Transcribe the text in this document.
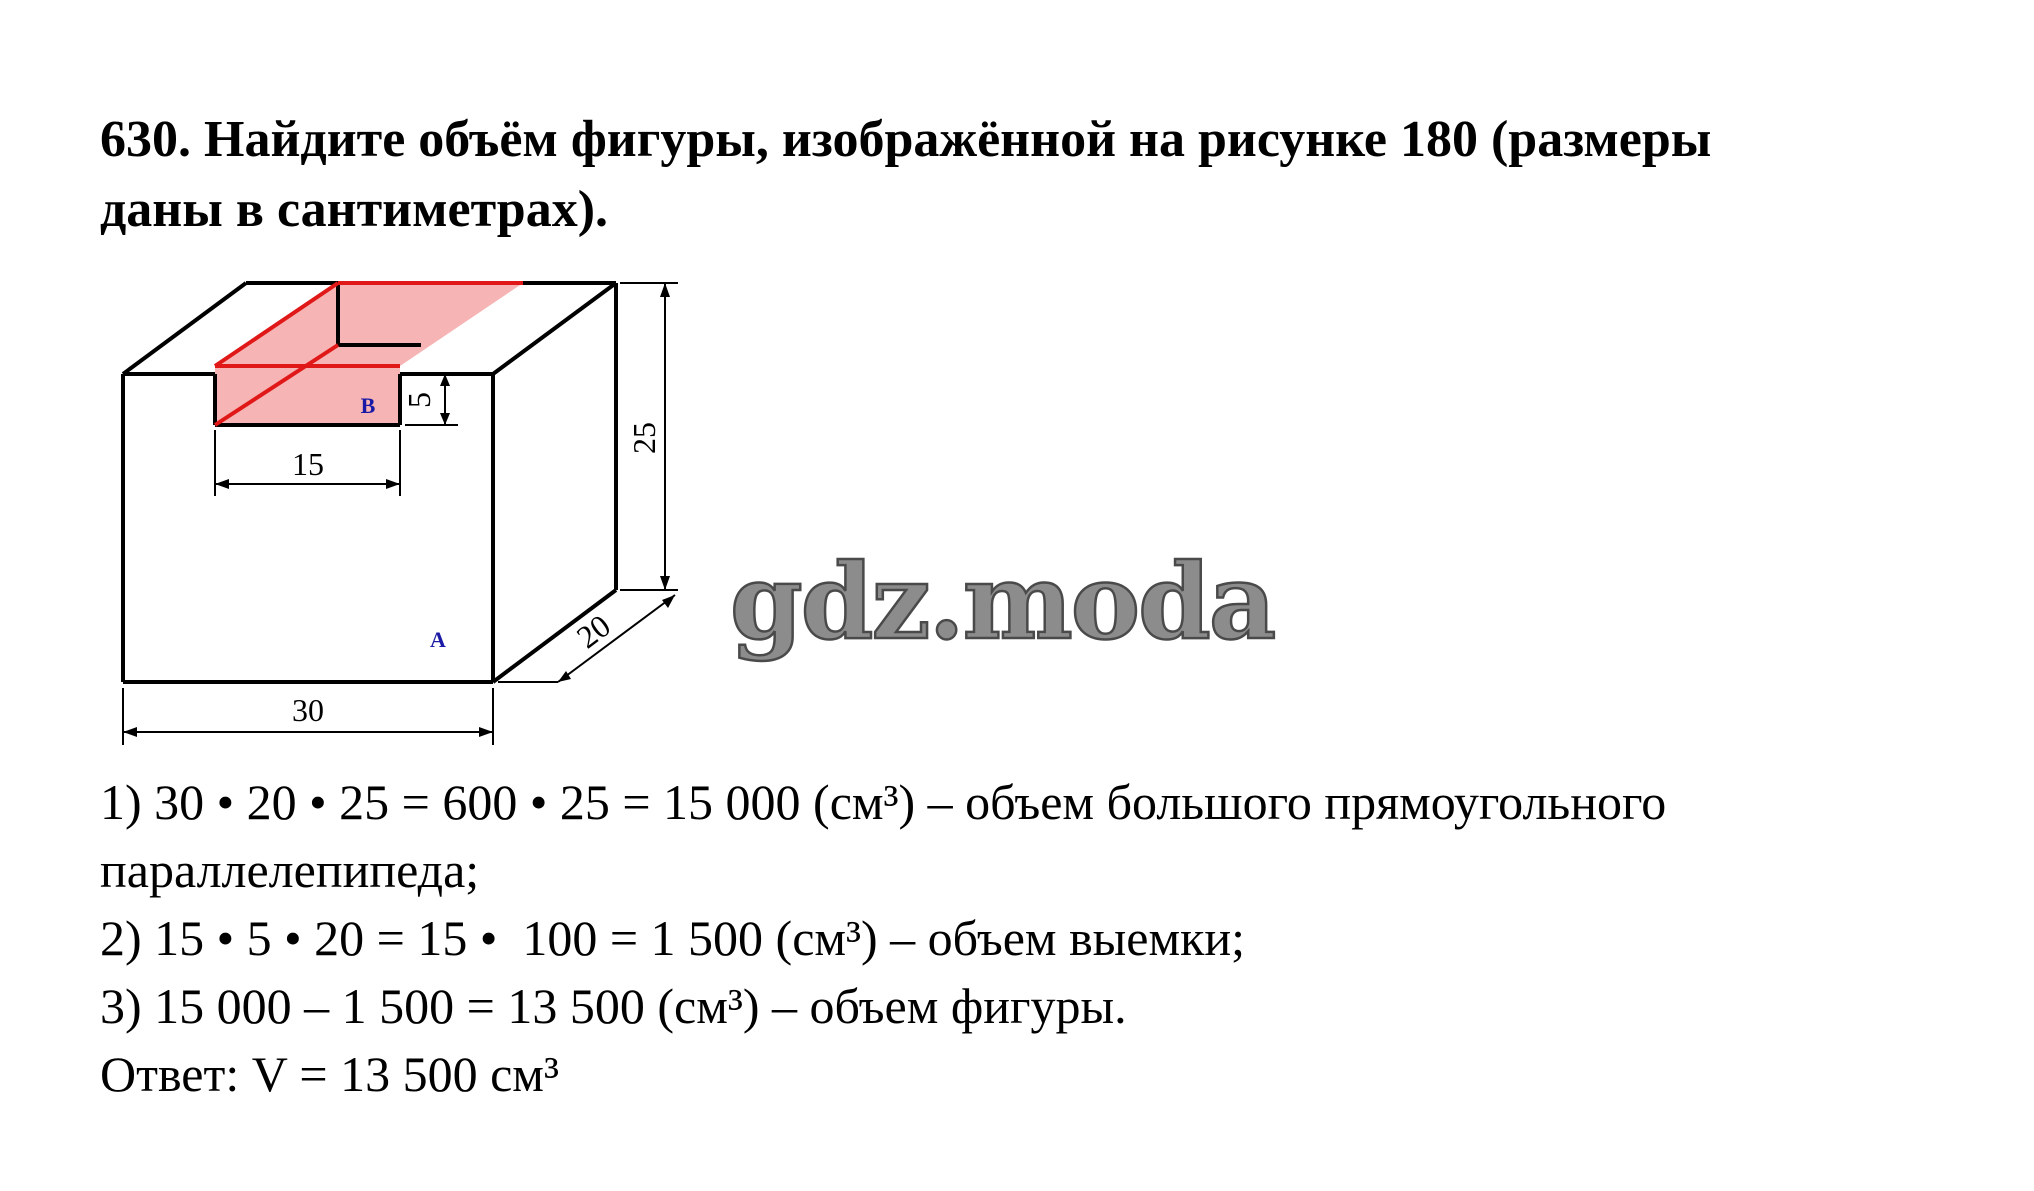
630. Найдите объём фигуры, изображённой на рисунке 180 (размеры
даны в сантиметрах).
30
15
5
25
20
B
A	gdz.moda
1) 30 • 20 • 25 = 600 • 25 = 15 000 (см³) – объем большого прямоугольного
параллелепипеда;
2) 15 • 5 • 20 = 15 •  100 = 1 500 (см³) – объем выемки;
3) 15 000 – 1 500 = 13 500 (см³) – объем фигуры.
Ответ: V = 13 500 см³
